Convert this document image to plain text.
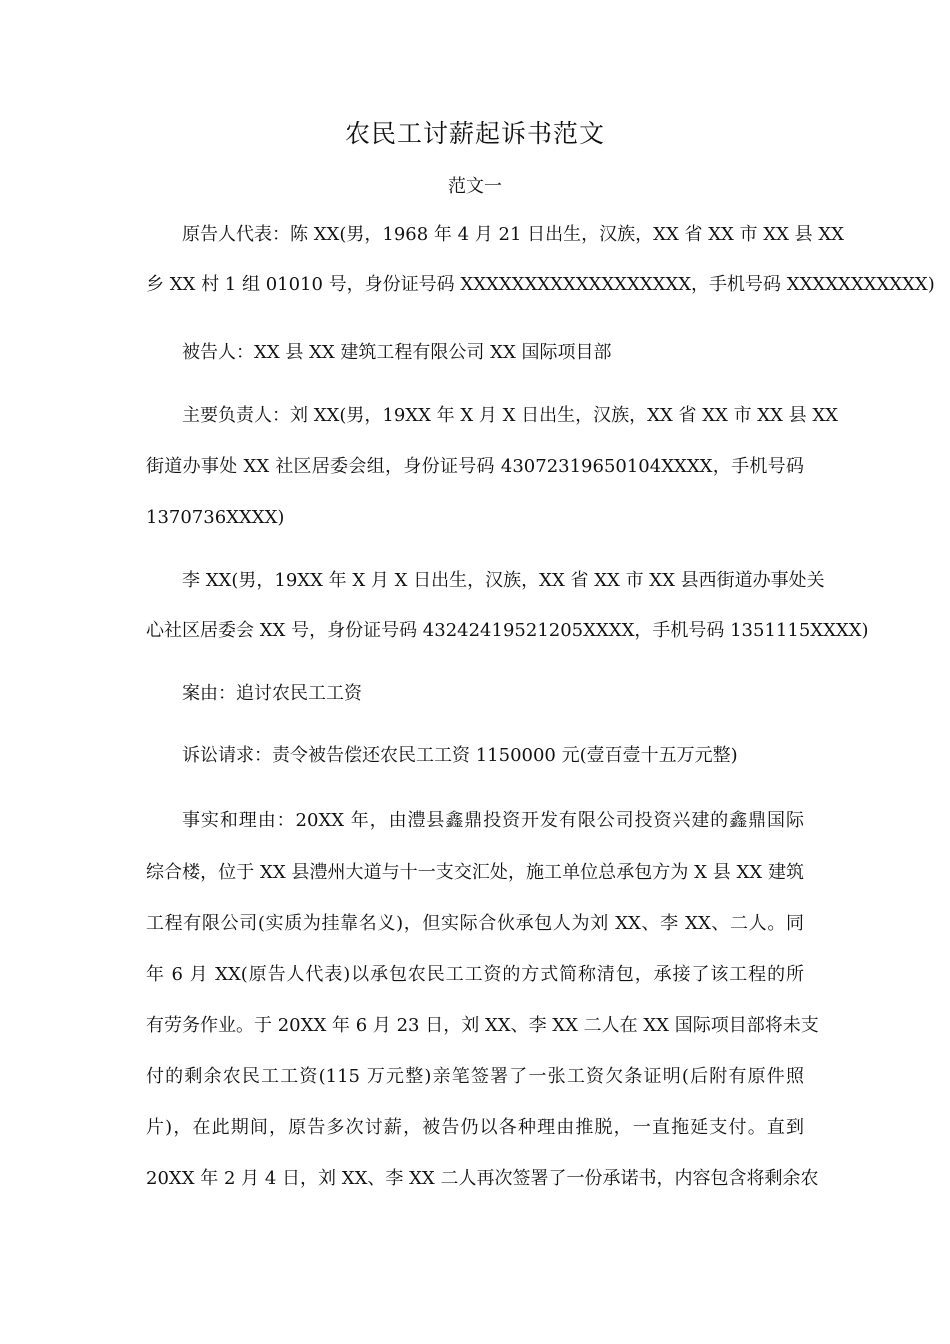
农民工讨薪起诉书范文
范文一
原告人代表：陈 XX(男，1968 年 4 月 21 日出生，汉族，XX 省 XX 市 XX 县 XX
乡 XX 村 1 组 01010 号，身份证号码 XXXXXXXXXXXXXXXXXX，手机号码 XXXXXXXXXXX)
被告人：XX 县 XX 建筑工程有限公司 XX 国际项目部
主要负责人：刘 XX(男，19XX 年 X 月 X 日出生，汉族，XX 省 XX 市 XX 县 XX
街道办事处 XX 社区居委会组，身份证号码 43072319650104XXXX，手机号码
1370736XXXX)
李 XX(男，19XX 年 X 月 X 日出生，汉族，XX 省 XX 市 XX 县西街道办事处关
心社区居委会 XX 号，身份证号码 43242419521205XXXX，手机号码 1351115XXXX)
案由：追讨农民工工资
诉讼请求：责令被告偿还农民工工资 1150000 元(壹百壹十五万元整)
事实和理由：20XX 年，由澧县鑫鼎投资开发有限公司投资兴建的鑫鼎国际
综合楼，位于 XX 县澧州大道与十一支交汇处，施工单位总承包方为 X 县 XX 建筑
工程有限公司(实质为挂靠名义)，但实际合伙承包人为刘 XX、李 XX、二人。同
年 6 月 XX(原告人代表)以承包农民工工资的方式简称清包，承接了该工程的所
有劳务作业。于 20XX 年 6 月 23 日，刘 XX、李 XX 二人在 XX 国际项目部将未支
付的剩余农民工工资(115 万元整)亲笔签署了一张工资欠条证明(后附有原件照
片)，在此期间，原告多次讨薪，被告仍以各种理由推脱，一直拖延支付。直到
20XX 年 2 月 4 日，刘 XX、李 XX 二人再次签署了一份承诺书，内容包含将剩余农
